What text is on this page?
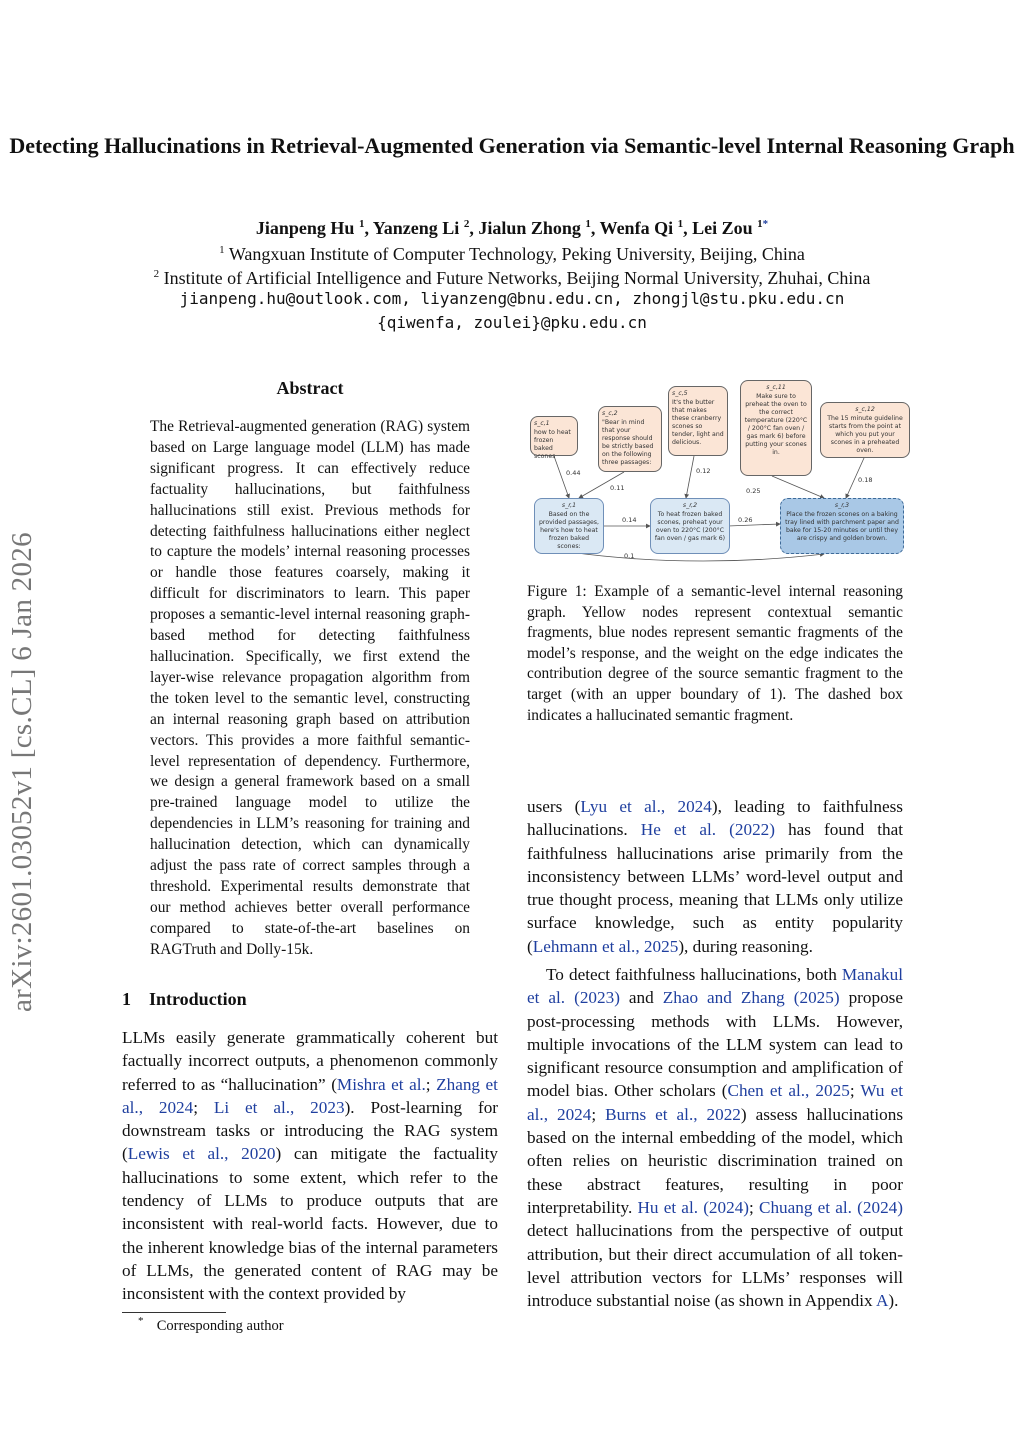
Detecting Hallucinations in Retrieval-Augmented Generation via Semantic-level Internal Reasoning Graph
Jianpeng Hu $^1$, Yanzeng Li $^2$, Jialun Zhong $^1$, Wenfa Qi $^1$, Lei Zou $^{1*}$
$^1$ Wangxuan Institute of Computer Technology, Peking University, Beijing, China
$^2$ Institute of Artificial Intelligence and Future Networks, Beijing Normal University, Zhuhai, China
jianpeng.hu@outlook.com, liyanzeng@bnu.edu.cn, zhongjl@stu.pku.edu.cn
{qiwenfa, zoulei}@pku.edu.cn
arXiv:2601.03052v1 [cs.CL] 6 Jan 2026
Abstract
The Retrieval-augmented generation (RAG) system based on Large language model (LLM) has made significant progress. It can effectively reduce factuality hallucinations, but faithfulness hallucinations still exist. Previous methods for detecting faithfulness hallucinations either neglect to capture the models’ internal reasoning processes or handle those features coarsely, making it difficult for discriminators to learn. This paper proposes a semantic-level internal reasoning graph-based method for detecting faithfulness hallucination. Specifically, we first extend the layer-wise relevance propagation algorithm from the token level to the semantic level, constructing an internal reasoning graph based on attribution vectors. This provides a more faithful semantic-level representation of dependency. Furthermore, we design a general framework based on a small pre-trained language model to utilize the dependencies in LLM’s reasoning for training and hallucination detection, which can dynamically adjust the pass rate of correct samples through a threshold. Experimental results demonstrate that our method achieves better overall performance compared to state-of-the-art baselines on RAGTruth and Dolly-15k.
1 Introduction
LLMs easily generate grammatically coherent but factually incorrect outputs, a phenomenon commonly referred to as “hallucination” (Mishra et al.; Zhang et al., 2024; Li et al., 2023). Post-learning for downstream tasks or introducing the RAG system (Lewis et al., 2020) can mitigate the factuality hallucinations to some extent, which refer to the tendency of LLMs to produce outputs that are inconsistent with real-world facts. However, due to the inherent knowledge bias of the internal parameters of LLMs, the generated content of RAG may be inconsistent with the context provided by
* Corresponding author
s_c,1
how to heat frozen baked scones
s_c,2
"Bear in mind that your response should be strictly based on the following three passages:
s_c,5
It's the butter that makes these cranberry scones so tender, light and delicious.
s_c,11
Make sure to preheat the oven to the correct temperature (220°C / 200°C fan oven / gas mark 6) before putting your scones in.
s_c,12
The 15 minute guideline starts from the point at which you put your scones in a preheated oven.
s_r,1
Based on the provided passages, here's how to heat frozen baked scones:
s_r,2
To heat frozen baked scones, preheat your oven to 220°C (200°C fan oven / gas mark 6)
s_r,3
Place the frozen scones on a baking tray lined with parchment paper and bake for 15-20 minutes or until they are crispy and golden brown.
0.44
0.11
0.12
0.25
0.18
0.14	0.26
0.1
Figure 1: Example of a semantic-level internal reasoning graph. Yellow nodes represent contextual semantic fragments, blue nodes represent semantic fragments of the model’s response, and the weight on the edge indicates the contribution degree of the source semantic fragment to the target (with an upper boundary of 1). The dashed box indicates a hallucinated semantic fragment.
users (Lyu et al., 2024), leading to faithfulness hallucinations. He et al. (2022) has found that faithfulness hallucinations arise primarily from the inconsistency between LLMs’ word-level output and true thought process, meaning that LLMs only utilize surface knowledge, such as entity popularity (Lehmann et al., 2025), during reasoning.
To detect faithfulness hallucinations, both Manakul et al. (2023) and Zhao and Zhang (2025) propose post-processing methods with LLMs. However, multiple invocations of the LLM system can lead to significant resource consumption and amplification of model bias. Other scholars (Chen et al., 2025; Wu et al., 2024; Burns et al., 2022) assess hallucinations based on the internal embedding of the model, which often relies on heuristic discrimination trained on these abstract features, resulting in poor interpretability. Hu et al. (2024); Chuang et al. (2024) detect hallucinations from the perspective of output attribution, but their direct accumulation of all token-level attribution vectors for LLMs’ responses will introduce substantial noise (as shown in Appendix A).
